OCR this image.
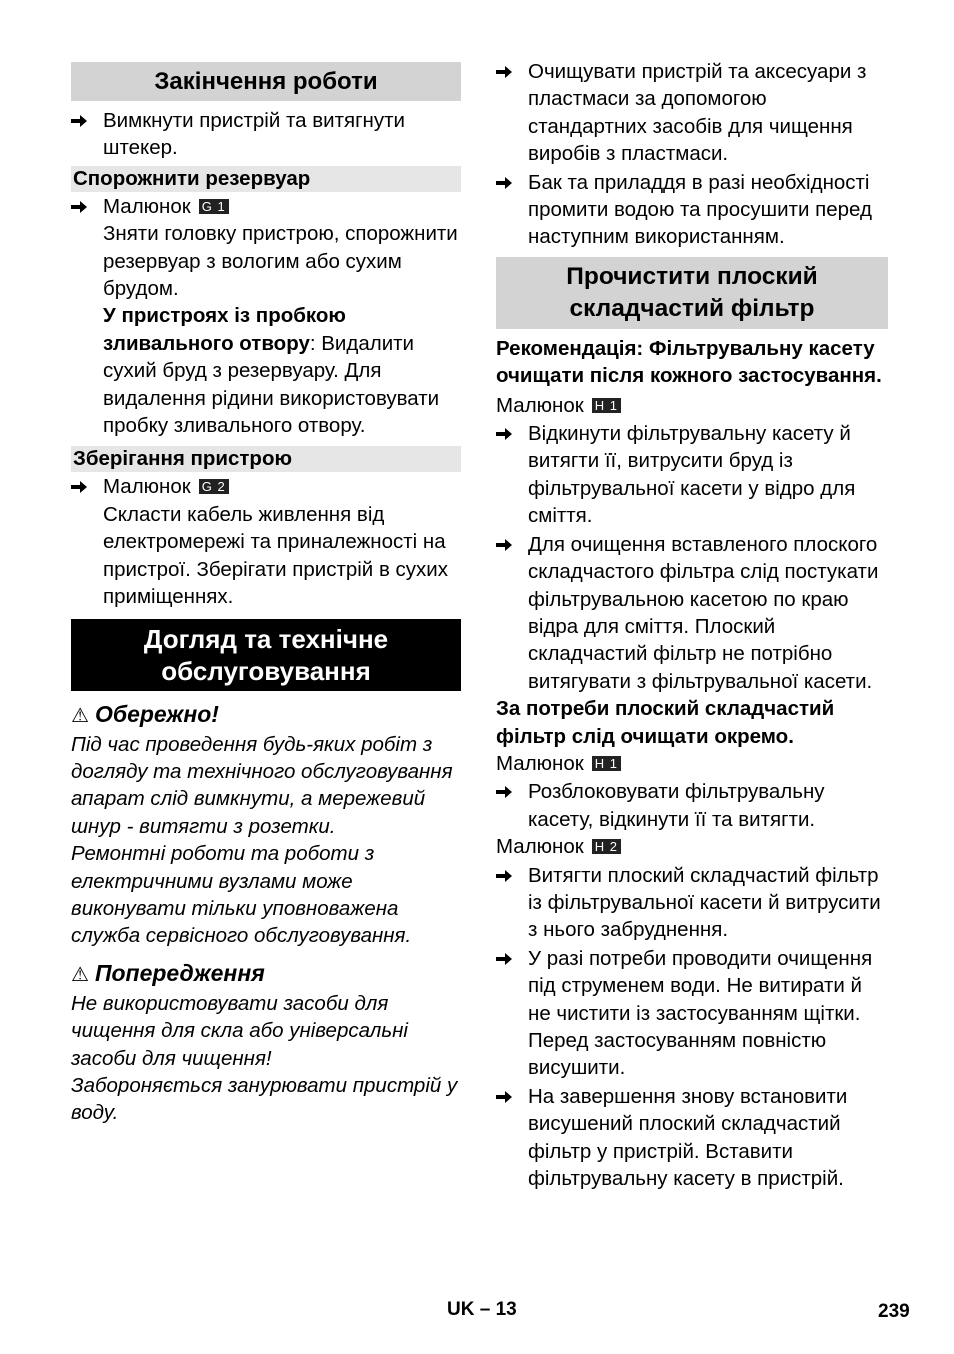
Закінчення роботи
Вимкнути пристрій та витягнути штекер.
Спорожнити резервуар
Малюнок G 1
Зняти головку пристрою, спорожнити резервуар з вологим або сухим брудом.
У пристроях із пробкою зливального отвору: Видалити сухий бруд з резервуару. Для видалення рідини використовувати пробку зливального отвору.
Зберігання пристрою
Малюнок G 2
Скласти кабель живлення від електромережі та приналежності на пристрої. Зберігати пристрій в сухих приміщеннях.
Догляд та технічне обслуговування
⚠ Обережно!
Під час проведення будь-яких робіт з догляду та технічного обслуговування апарат слід вимкнути, а мережевий шнур - витягти з розетки.
Ремонтні роботи та роботи з електричними вузлами може виконувати тільки уповноважена служба сервісного обслуговування.
⚠ Попередження
Не використовувати засоби для чищення для скла або універсальні засоби для чищення!
Забороняється занурювати пристрій у воду.
Очищувати пристрій та аксесуари з пластмаси за допомогою стандартних засобів для чищення виробів з пластмаси.
Бак та приладдя в разі необхідності промити водою та просушити перед наступним використанням.
Прочистити плоский складчастий фільтр
Рекомендація: Фільтрувальну касету очищати після кожного застосування.
Малюнок H 1
Відкинути фільтрувальну касету й витягти її, витрусити бруд із фільтрувальної касети у відро для сміття.
Для очищення вставленого плоского складчастого фільтра слід постукати фільтрувальною касетою по краю відра для сміття. Плоский складчастий фільтр не потрібно витягувати з фільтрувальної касети.
За потреби плоский складчастий фільтр слід очищати окремо.
Малюнок H 1
Розблоковувати фільтрувальну касету, відкинути її та витягти.
Малюнок H 2
Витягти плоский складчастий фільтр із фільтрувальної касети й витрусити з нього забруднення.
У разі потреби проводити очищення під струменем води. Не витирати й не чистити із застосуванням щітки.
Перед застосуванням повністю висушити.
На завершення знову встановити висушений плоский складчастий фільтр у пристрій. Вставити фільтрувальну касету в пристрій.
UK – 13	239
